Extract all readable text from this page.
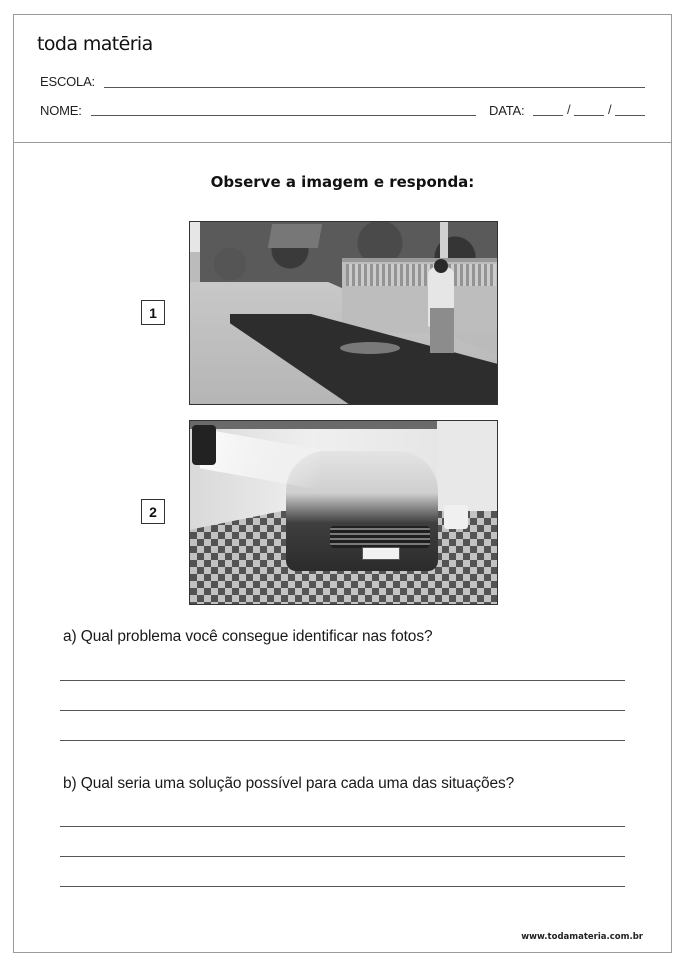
toda matēria
ESCOLA:
NOME:	DATA:	/	/
Observe a imagem e responda:
1
2
a) Qual problema você consegue identificar nas fotos?
b) Qual seria uma solução possível para cada uma das situações?
www.todamateria.com.br
